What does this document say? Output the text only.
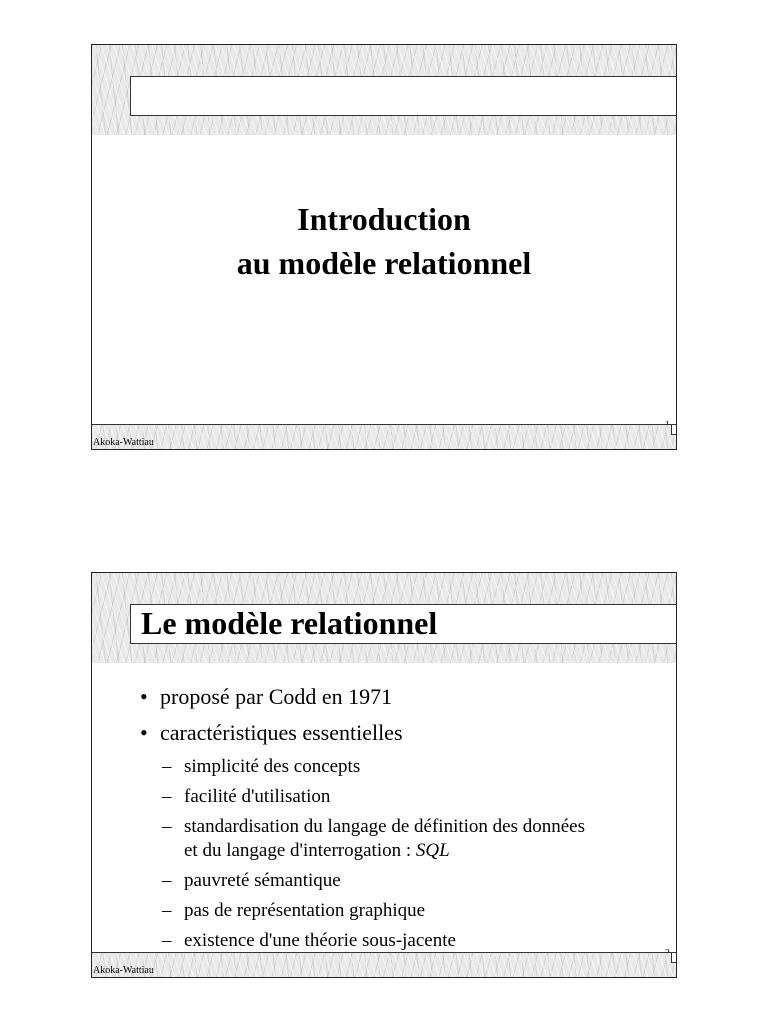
Introduction
au modèle relationnel
Akoka-Wattiau
Le modèle relationnel
• proposé par Codd en 1971
• caractéristiques essentielles
– simplicité des concepts
– facilité d'utilisation
– standardisation du langage de définition des données
et du langage d'interrogation : SQL
– pauvreté sémantique
– pas de représentation graphique
– existence d'une théorie sous-jacente
Akoka-Wattiau
